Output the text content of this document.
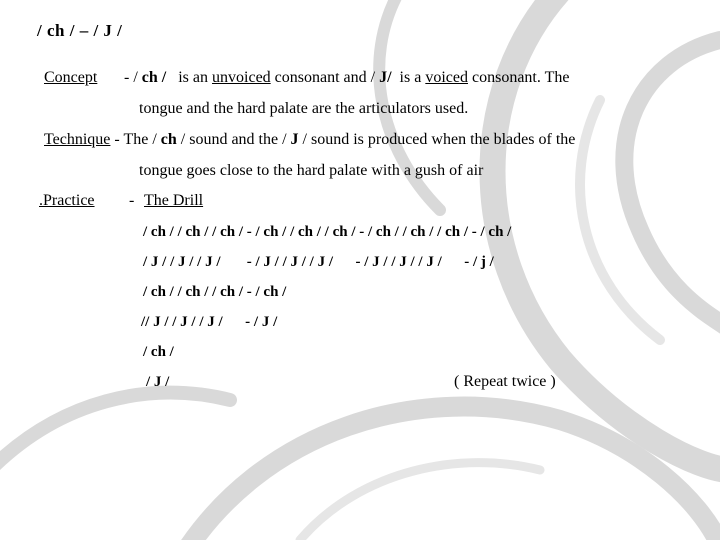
/ ch / – / J /
Concept - / ch / is an unvoiced consonant and / J/ is a voiced consonant. The
tongue and the hard palate are the articulators used.
Technique - The / ch / sound and the / J / sound is produced when the blades of the
tongue goes close to the hard palate with a gush of air
.Practice - The Drill
/ ch / / ch / / ch / - / ch / / ch / / ch / - / ch / / ch / / ch / - / ch /
/ J / / J / / J /       - / J / / J / / J /      - / J / / J / / J /      - / j /
/ ch / / ch / / ch / - / ch /
// J / / J / / J /      - / J /
/ ch /
/ J /	( Repeat twice )
